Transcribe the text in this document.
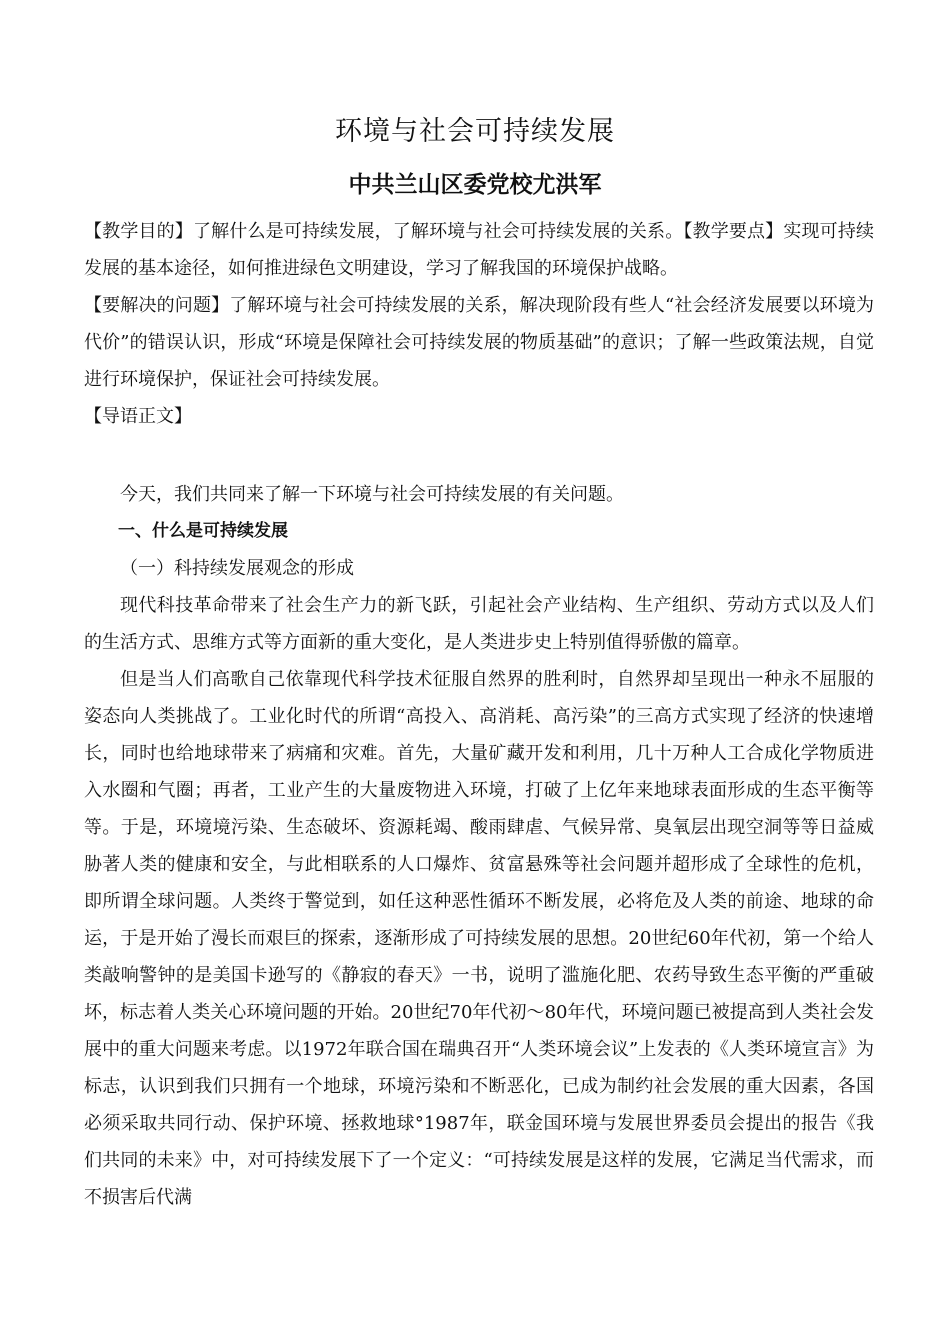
环境与社会可持续发展
中共兰山区委党校尤洪军

【教学目的】了解什么是可持续发展，了解环境与社会可持续发展的关系。【教学要点】实现可持续发展的基本途径，如何推进绿色文明建设，学习了解我国的环境保护战略。

【要解决的问题】了解环境与社会可持续发展的关系，解决现阶段有些人“社会经济发展要以环境为代价”的错误认识，形成“环境是保障社会可持续发展的物质基础”的意识；了解一些政策法规，自觉进行环境保护，保证社会可持续发展。

【导语正文】

今天，我们共同来了解一下环境与社会可持续发展的有关问题。

一、什么是可持续发展

（一）科持续发展观念的形成

现代科技革命带来了社会生产力的新飞跃，引起社会产业结构、生产组织、劳动方式以及人们的生活方式、思维方式等方面新的重大变化，是人类进步史上特别值得骄傲的篇章。

但是当人们高歌自己依靠现代科学技术征服自然界的胜利时，自然界却呈现出一种永不屈服的姿态向人类挑战了。工业化时代的所谓“高投入、高消耗、高污染”的三高方式实现了经济的快速增长，同时也给地球带来了病痛和灾难。首先，大量矿藏开发和利用，几十万种人工合成化学物质进入水圈和气圈；再者，工业产生的大量废物进入环境，打破了上亿年来地球表面形成的生态平衡等等。于是，环境境污染、生态破坏、资源耗竭、酸雨肆虐、气候异常、臭氧层出现空洞等等日益威胁著人类的健康和安全，与此相联系的人口爆炸、贫富悬殊等社会问题并超形成了全球性的危机，即所谓全球问题。人类终于警觉到，如任这种恶性循环不断发展，必将危及人类的前途、地球的命运，于是开始了漫长而艰巨的探索，逐渐形成了可持续发展的思想。20世纪60年代初，第一个给人类敲响警钟的是美国卡逊写的《静寂的春天》一书，说明了滥施化肥、农药导致生态平衡的严重破坏，标志着人类关心环境问题的开始。20世纪70年代初～80年代，环境问题已被提高到人类社会发展中的重大问题来考虑。以1972年联合国在瑞典召开“人类环境会议”上发表的《人类环境宣言》为标志，认识到我们只拥有一个地球，环境污染和不断恶化，已成为制约社会发展的重大因素，各国必须采取共同行动、保护环境、拯救地球°1987年，联金国环境与发展世界委员会提出的报告《我们共同的未来》中，对可持续发展下了一个定义：“可持续发展是这样的发展，它满足当代需求，而不损害后代满
